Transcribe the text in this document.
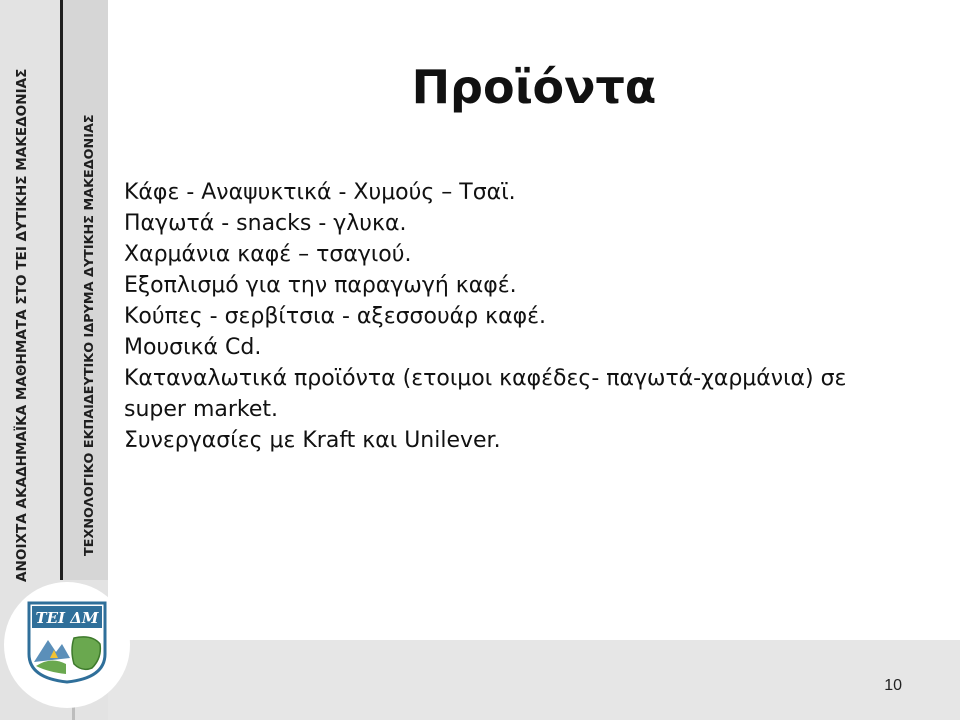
ΑΝΟΙΧΤΑ ΑΚΑΔΗΜΑΪΚΑ ΜΑΘΗΜΑΤΑ ΣΤΟ ΤΕΙ ΔΥΤΙΚΗΣ ΜΑΚΕΔΟΝΙΑΣ	ΤΕΧΝΟΛΟΓΙΚΟ ΕΚΠΑΙΔΕΥΤΙΚΟ ΙΔΡΥΜΑ ΔΥΤΙΚΗΣ ΜΑΚΕΔΟΝΙΑΣ
ΤΕΙ ΔΜ
Προϊόντα
Κάφε - Αναψυκτικά - Χυμούς – Τσαϊ.
Παγωτά - snacks - γλυκα.
Χαρμάνια καφέ – τσαγιού.
Εξοπλισμό για την παραγωγή καφέ.
Κούπες - σερβίτσια - αξεσσουάρ καφέ.
Μουσικά Cd.
Καταναλωτικά προϊόντα (ετοιμοι καφέδες- παγωτά-χαρμάνια) σε super market.
Συνεργασίες με Kraft και Unilever.
10
